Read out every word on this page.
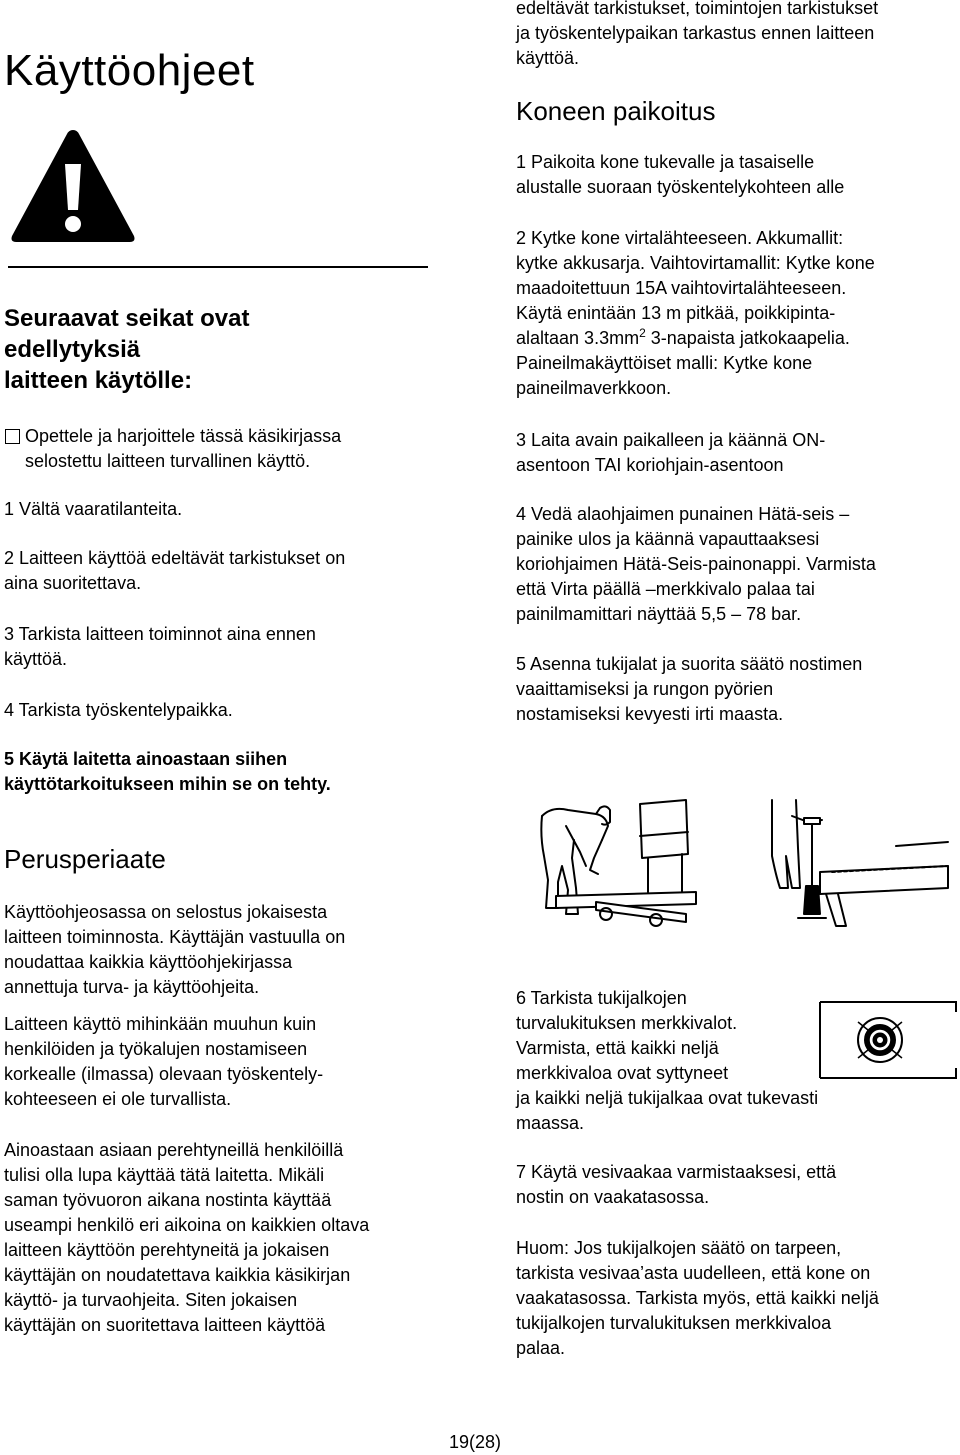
Käyttöohjeet
Seuraavat seikat ovat
edellytyksiä
laitteen käytölle:
Opettele ja harjoittele tässä käsikirjassa
selostettu laitteen turvallinen käyttö.
1 Vältä vaaratilanteita.
2 Laitteen käyttöä edeltävät tarkistukset on
aina suoritettava.
3 Tarkista laitteen toiminnot aina ennen
käyttöä.
4 Tarkista työskentelypaikka.
5 Käytä laitetta ainoastaan siihen
käyttötarkoitukseen mihin se on tehty.
Perusperiaate
Käyttöohjeosassa on selostus jokaisesta
laitteen toiminnosta. Käyttäjän vastuulla on
noudattaa kaikkia käyttöohjekirjassa
annettuja turva- ja käyttöohjeita.
Laitteen käyttö mihinkään muuhun kuin
henkilöiden ja työkalujen nostamiseen
korkealle (ilmassa) olevaan työskentely-
kohteeseen ei ole turvallista.
Ainoastaan asiaan perehtyneillä henkilöillä
tulisi olla lupa käyttää tätä laitetta. Mikäli
saman työvuoron aikana nostinta käyttää
useampi henkilö eri aikoina on kaikkien oltava
laitteen käyttöön perehtyneitä ja jokaisen
käyttäjän on noudatettava kaikkia käsikirjan
käyttö- ja turvaohjeita. Siten jokaisen
käyttäjän on suoritettava laitteen käyttöä
edeltävät tarkistukset, toimintojen tarkistukset
ja työskentelypaikan tarkastus ennen laitteen
käyttöä.
Koneen paikoitus
1 Paikoita kone tukevalle ja tasaiselle
alustalle suoraan työskentelykohteen alle
2 Kytke kone virtalähteeseen. Akkumallit:
kytke akkusarja. Vaihtovirtamallit: Kytke kone
maadoitettuun 15A vaihtovirtalähteeseen.
Käytä enintään 13 m pitkää, poikkipinta-
alaltaan $3.3mm^2$ 3-napaista jatkokaapelia.
Paineilmakäyttöiset malli: Kytke kone
paineilmaverkkoon.
3 Laita avain paikalleen ja käännä ON-
asentoon TAI koriohjain-asentoon
4 Vedä alaohjaimen punainen Hätä-seis –
painike ulos ja käännä vapauttaaksesi
koriohjaimen Hätä-Seis-painonappi. Varmista
että Virta päällä –merkkivalo palaa tai
painilmamittari näyttää 5,5 – 78 bar.
5 Asenna tukijalat ja suorita säätö nostimen
vaaittamiseksi ja rungon pyörien
nostamiseksi kevyesti irti maasta.
6 Tarkista tukijalkojen
turvalukituksen merkkivalot.
Varmista, että kaikki neljä
merkkivaloa ovat syttyneet
ja kaikki neljä tukijalkaa ovat tukevasti
maassa.
7 Käytä vesivaakaa varmistaaksesi, että
nostin on vaakatasossa.
Huom: Jos tukijalkojen säätö on tarpeen,
tarkista vesivaa’asta uudelleen, että kone on
vaakatasossa. Tarkista myös, että kaikki neljä
tukijalkojen turvalukituksen merkkivaloa
palaa.
19(28)
